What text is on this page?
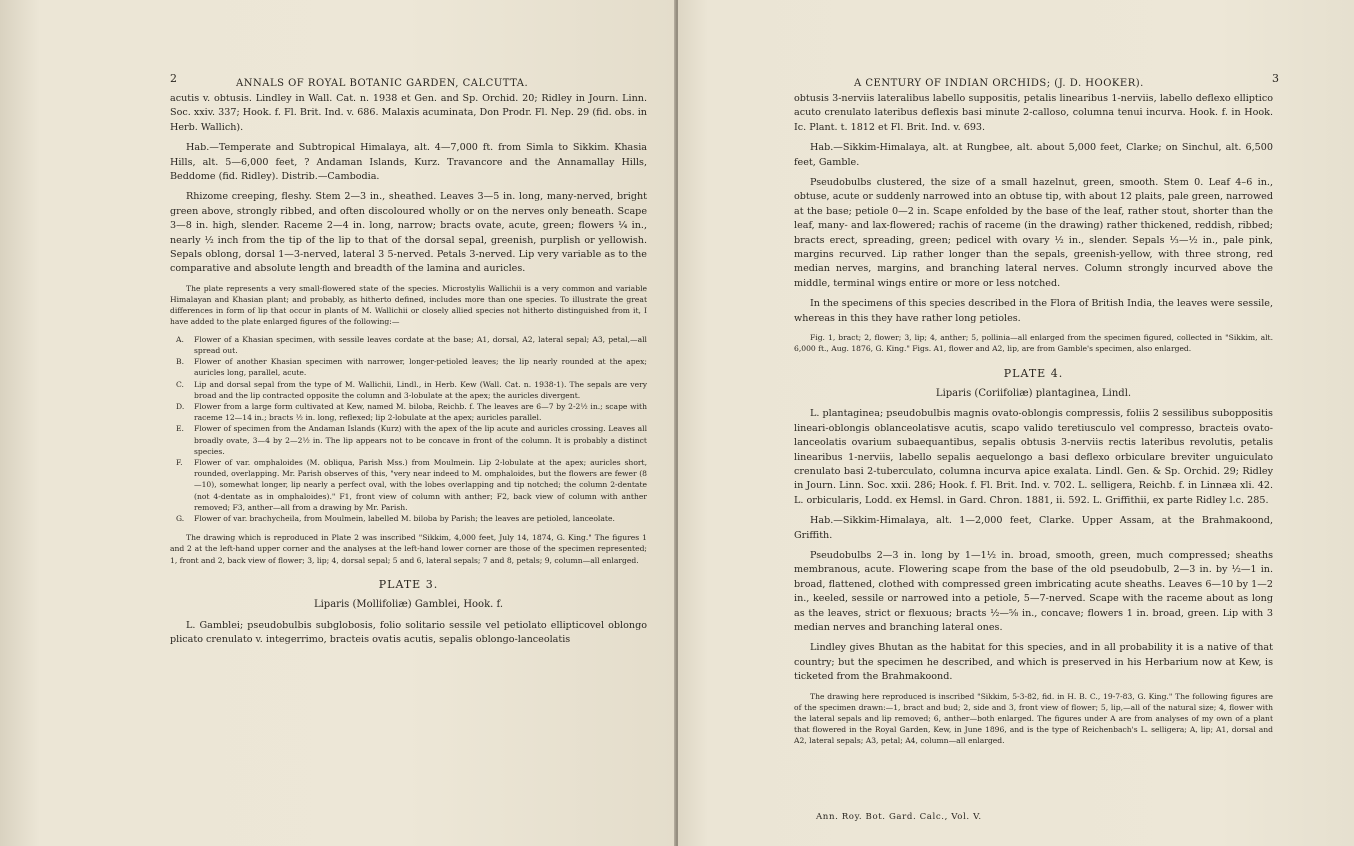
2	ANNALS OF ROYAL BOTANIC GARDEN, CALCUTTA.

acutis v. obtusis. Lindley in Wall. Cat. n. 1938 et Gen. and Sp. Orchid. 20; Ridley in Journ. Linn. Soc. xxiv. 337; Hook. f. Fl. Brit. Ind. v. 686. Malaxis acuminata, Don Prodr. Fl. Nep. 29 (fid. obs. in Herb. Wallich).

Hab.—Temperate and Subtropical Himalaya, alt. 4—7,000 ft. from Simla to Sikkim. Khasia Hills, alt. 5—6,000 feet, ? Andaman Islands, Kurz. Travancore and the Annamallay Hills, Beddome (fid. Ridley). Distrib.—Cambodia.

Rhizome creeping, fleshy. Stem 2—3 in., sheathed. Leaves 3—5 in. long, many-nerved, bright green above, strongly ribbed, and often discoloured wholly or on the nerves only beneath. Scape 3—8 in. high, slender. Raceme 2—4 in. long, narrow; bracts ovate, acute, green; flowers ¼ in., nearly ½ inch from the tip of the lip to that of the dorsal sepal, greenish, purplish or yellowish. Sepals oblong, dorsal 1—3-nerved, lateral 3 5-nerved. Petals 3-nerved. Lip very variable as to the comparative and absolute length and breadth of the lamina and auricles.

The plate represents a very small-flowered state of the species. Microstylis Wallichii is a very common and variable Himalayan and Khasian plant; and probably, as hitherto defined, includes more than one species. To illustrate the great differences in form of lip that occur in plants of M. Wallichii or closely allied species not hitherto distinguished from it, I have added to the plate enlarged figures of the following:—

A.	Flower of a Khasian specimen, with sessile leaves cordate at the base; A1, dorsal, A2, lateral sepal; A3, petal,—all spread out.
B.	Flower of another Khasian specimen with narrower, longer-petioled leaves; the lip nearly rounded at the apex; auricles long, parallel, acute.
C.	Lip and dorsal sepal from the type of M. Wallichii, Lindl., in Herb. Kew (Wall. Cat. n. 1938-1). The sepals are very broad and the lip contracted opposite the column and 3-lobulate at the apex; the auricles divergent.
D.	Flower from a large form cultivated at Kew, named M. biloba, Reichb. f. The leaves are 6—7 by 2-2½ in.; scape with raceme 12—14 in.; bracts ½ in. long, reflexed; lip 2-lobulate at the apex; auricles parallel.
E.	Flower of specimen from the Andaman Islands (Kurz) with the apex of the lip acute and auricles crossing. Leaves all broadly ovate, 3—4 by 2—2½ in. The lip appears not to be concave in front of the column. It is probably a distinct species.
F.	Flower of var. omphaloides (M. obliqua, Parish Mss.) from Moulmein. Lip 2-lobulate at the apex; auricles short, rounded, overlapping. Mr. Parish observes of this, "very near indeed to M. omphaloides, but the flowers are fewer (8—10), somewhat longer, lip nearly a perfect oval, with the lobes overlapping and tip notched; the column 2-dentate (not 4-dentate as in omphaloides)." F1, front view of column with anther; F2, back view of column with anther removed; F3, anther—all from a drawing by Mr. Parish.
G.	Flower of var. brachycheila, from Moulmein, labelled M. biloba by Parish; the leaves are petioled, lanceolate.

The drawing which is reproduced in Plate 2 was inscribed "Sikkim, 4,000 feet, July 14, 1874, G. King." The figures 1 and 2 at the left-hand upper corner and the analyses at the left-hand lower corner are those of the specimen represented; 1, front and 2, back view of flower; 3, lip; 4, dorsal sepal; 5 and 6, lateral sepals; 7 and 8, petals; 9, column—all enlarged.

PLATE 3.
Liparis (Mollifoliæ) Gamblei, Hook. f.

L. Gamblei; pseudobulbis subglobosis, folio solitario sessile vel petiolato ellipticovel oblongo plicato crenulato v. integerrimo, bracteis ovatis acutis, sepalis oblongo-lanceolatis

A CENTURY OF INDIAN ORCHIDS; (J. D. HOOKER).	3

obtusis 3-nerviis lateralibus labello suppositis, petalis linearibus 1-nerviis, labello deflexo elliptico acuto crenulato lateribus deflexis basi minute 2-calloso, columna tenui incurva. Hook. f. in Hook. Ic. Plant. t. 1812 et Fl. Brit. Ind. v. 693.

Hab.—Sikkim-Himalaya, alt. at Rungbee, alt. about 5,000 feet, Clarke; on Sinchul, alt. 6,500 feet, Gamble.

Pseudobulbs clustered, the size of a small hazelnut, green, smooth. Stem 0. Leaf 4–6 in., obtuse, acute or suddenly narrowed into an obtuse tip, with about 12 plaits, pale green, narrowed at the base; petiole 0—2 in. Scape enfolded by the base of the leaf, rather stout, shorter than the leaf, many- and lax-flowered; rachis of raceme (in the drawing) rather thickened, reddish, ribbed; bracts erect, spreading, green; pedicel with ovary ½ in., slender. Sepals ⅓—½ in., pale pink, margins recurved. Lip rather longer than the sepals, greenish-yellow, with three strong, red median nerves, margins, and branching lateral nerves. Column strongly incurved above the middle, terminal wings entire or more or less notched.

In the specimens of this species described in the Flora of British India, the leaves were sessile, whereas in this they have rather long petioles.

Fig. 1, bract; 2, flower; 3, lip; 4, anther; 5, pollinia—all enlarged from the specimen figured, collected in "Sikkim, alt. 6,000 ft., Aug. 1876, G. King." Figs. A1, flower and A2, lip, are from Gamble's specimen, also enlarged.

PLATE 4.
Liparis (Coriifoliæ) plantaginea, Lindl.

L. plantaginea; pseudobulbis magnis ovato-oblongis compressis, foliis 2 sessilibus suboppositis lineari-oblongis oblanceolatisve acutis, scapo valido teretiusculo vel compresso, bracteis ovato-lanceolatis ovarium subaequantibus, sepalis obtusis 3-nerviis rectis lateribus revolutis, petalis linearibus 1-nerviis, labello sepalis aequelongo a basi deflexo orbiculare breviter unguiculato crenulato basi 2-tuberculato, columna incurva apice exalata. Lindl. Gen. & Sp. Orchid. 29; Ridley in Journ. Linn. Soc. xxii. 286; Hook. f. Fl. Brit. Ind. v. 702. L. selligera, Reichb. f. in Linnæa xli. 42. L. orbicularis, Lodd. ex Hemsl. in Gard. Chron. 1881, ii. 592. L. Griffithii, ex parte Ridley l.c. 285.

Hab.—Sikkim-Himalaya, alt. 1—2,000 feet, Clarke. Upper Assam, at the Brahmakoond, Griffith.

Pseudobulbs 2—3 in. long by 1—1½ in. broad, smooth, green, much compressed; sheaths membranous, acute. Flowering scape from the base of the old pseudobulb, 2—3 in. by ½—1 in. broad, flattened, clothed with compressed green imbricating acute sheaths. Leaves 6—10 by 1—2 in., keeled, sessile or narrowed into a petiole, 5—7-nerved. Scape with the raceme about as long as the leaves, strict or flexuous; bracts ½—⅝ in., concave; flowers 1 in. broad, green. Lip with 3 median nerves and branching lateral ones.

Lindley gives Bhutan as the habitat for this species, and in all probability it is a native of that country; but the specimen he described, and which is preserved in his Herbarium now at Kew, is ticketed from the Brahmakoond.

The drawing here reproduced is inscribed "Sikkim, 5-3-82, fid. in H. B. C., 19-7-83, G. King." The following figures are of the specimen drawn:—1, bract and bud; 2, side and 3, front view of flower; 5, lip,—all of the natural size; 4, flower with the lateral sepals and lip removed; 6, anther—both enlarged. The figures under A are from analyses of my own of a plant that flowered in the Royal Garden, Kew, in June 1896, and is the type of Reichenbach's L. selligera; A, lip; A1, dorsal and A2, lateral sepals; A3, petal; A4, column—all enlarged.

Ann. Roy. Bot. Gard. Calc., Vol. V.
